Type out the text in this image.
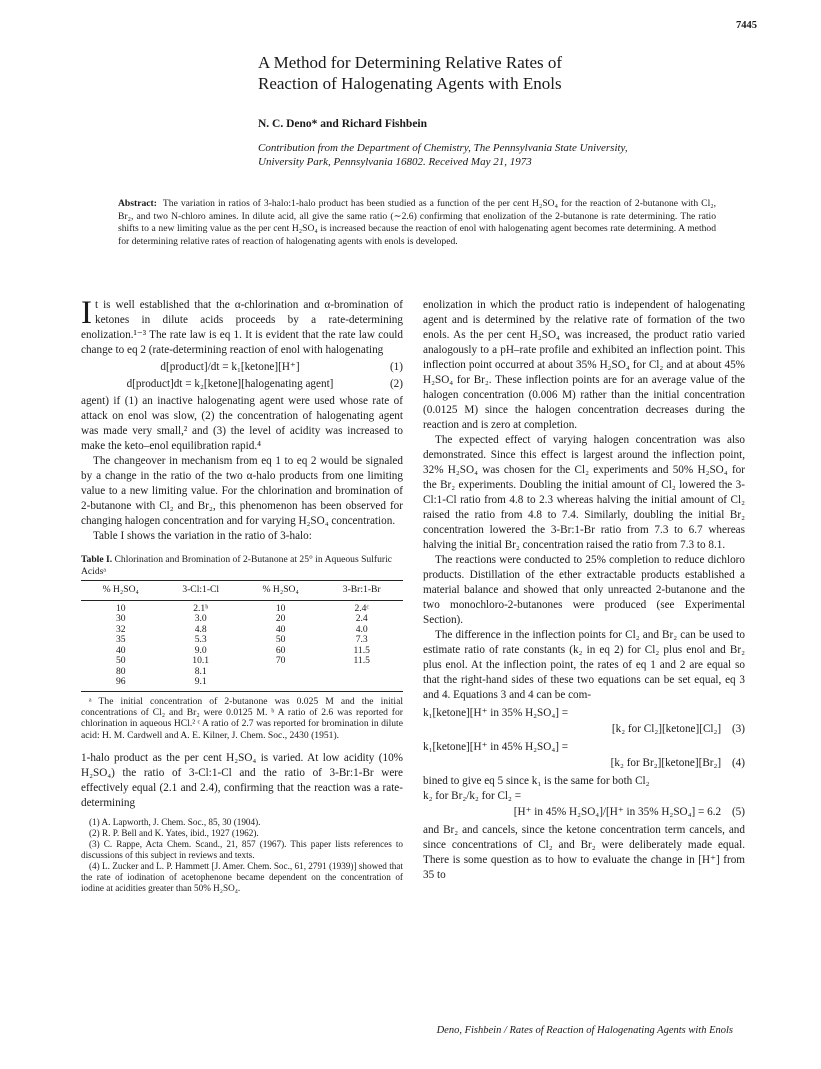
7445
A Method for Determining Relative Rates of
Reaction of Halogenating Agents with Enols
N. C. Deno* and Richard Fishbein
Contribution from the Department of Chemistry, The Pennsylvania State University,
University Park, Pennsylvania 16802. Received May 21, 1973
Abstract: The variation in ratios of 3-halo:1-halo product has been studied as a function of the per cent H₂SO₄ for the reaction of 2-butanone with Cl₂, Br₂, and two N-chloro amines. In dilute acid, all give the same ratio (∼2.6) confirming that enolization of the 2-butanone is rate determining. The ratio shifts to a new limiting value as the per cent H₂SO₄ is increased because the reaction of enol with halogenating agent becomes rate determining. A method for determining relative rates of reaction of halogenating agents with enols is developed.

It is well established that the α-chlorination and α-bromination of ketones in dilute acids proceeds by a rate-determining enolization.¹⁻³ The rate law is eq 1. It is evident that the rate law could change to eq 2 (rate-determining reaction of enol with halogenating

d[product]/dt = k₁[ketone][H⁺]	(1)
d[product]dt = k₂[ketone][halogenating agent]	(2)

agent) if (1) an inactive halogenating agent were used whose rate of attack on enol was slow, (2) the concentration of halogenating agent was made very small,² and (3) the level of acidity was increased to make the keto–enol equilibration rapid.⁴

The changeover in mechanism from eq 1 to eq 2 would be signaled by a change in the ratio of the two α-halo products from one limiting value to a new limiting value. For the chlorination and bromination of 2-butanone with Cl₂ and Br₂, this phenomenon has been observed for changing halogen concentration and for varying H₂SO₄ concentration.

Table I shows the variation in the ratio of 3-halo:

Table I. Chlorination and Bromination of 2-Butanone at 25° in Aqueous Sulfuric Acidsᵃ
% H₂SO₄	3-Cl:1-Cl	% H₂SO₄	3-Br:1-Br
10	2.1ᵇ	10	2.4ᶜ
30	3.0	20	2.4
32	4.8	40	4.0
35	5.3	50	7.3
40	9.0	60	11.5
50	10.1	70	11.5
80	8.1		
96	9.1		

ᵃ The initial concentration of 2-butanone was 0.025 M and the initial concentrations of Cl₂ and Br₂ were 0.0125 M. ᵇ A ratio of 2.6 was reported for chlorination in aqueous HCl.² ᶜ A ratio of 2.7 was reported for bromination in dilute acid: H. M. Cardwell and A. E. Kilner, J. Chem. Soc., 2430 (1951).

1-halo product as the per cent H₂SO₄ is varied. At low acidity (10% H₂SO₄) the ratio of 3-Cl:1-Cl and the ratio of 3-Br:1-Br were effectively equal (2.1 and 2.4), confirming that the reaction was a rate-determining

(1) A. Lapworth, J. Chem. Soc., 85, 30 (1904).

(2) R. P. Bell and K. Yates, ibid., 1927 (1962).

(3) C. Rappe, Acta Chem. Scand., 21, 857 (1967). This paper lists references to discussions of this subject in reviews and texts.

(4) L. Zucker and L. P. Hammett [J. Amer. Chem. Soc., 61, 2791 (1939)] showed that the rate of iodination of acetophenone became dependent on the concentration of iodine at acidities greater than 50% H₂SO₄.

enolization in which the product ratio is independent of halogenating agent and is determined by the relative rate of formation of the two enols. As the per cent H₂SO₄ was increased, the product ratio varied analogously to a pH–rate profile and exhibited an inflection point. This inflection point occurred at about 35% H₂SO₄ for Cl₂ and at about 45% H₂SO₄ for Br₂. These inflection points are for an average value of the halogen concentration (0.006 M) rather than the initial concentration (0.0125 M) since the halogen concentration decreases during the reaction and is zero at completion.

The expected effect of varying halogen concentration was also demonstrated. Since this effect is largest around the inflection point, 32% H₂SO₄ was chosen for the Cl₂ experiments and 50% H₂SO₄ for the Br₂ experiments. Doubling the initial amount of Cl₂ lowered the 3-Cl:1-Cl ratio from 4.8 to 2.3 whereas halving the initial amount of Cl₂ raised the ratio from 4.8 to 7.4. Similarly, doubling the initial Br₂ concentration lowered the 3-Br:1-Br ratio from 7.3 to 6.7 whereas halving the initial Br₂ concentration raised the ratio from 7.3 to 8.1.

The reactions were conducted to 25% completion to reduce dichloro products. Distillation of the ether extractable products established a material balance and showed that only unreacted 2-butanone and the two monochloro-2-butanones were produced (see Experimental Section).

The difference in the inflection points for Cl₂ and Br₂ can be used to estimate ratio of rate constants (k₂ in eq 2) for Cl₂ plus enol and Br₂ plus enol. At the inflection point, the rates of eq 1 and 2 are equal so that the right-hand sides of these two equations can be set equal, eq 3 and 4. Equations 3 and 4 can be com-

k₁[ketone][H⁺ in 35% H₂SO₄] =
[k₂ for Cl₂][ketone][Cl₂] (3)
k₁[ketone][H⁺ in 45% H₂SO₄] =
[k₂ for Br₂][ketone][Br₂] (4)

bined to give eq 5 since k₁ is the same for both Cl₂

k₂ for Br₂/k₂ for Cl₂ =
[H⁺ in 45% H₂SO₄]/[H⁺ in 35% H₂SO₄] = 6.2 (5)

and Br₂ and cancels, since the ketone concentration term cancels, and since concentrations of Cl₂ and Br₂ were deliberately made equal. There is some question as to how to evaluate the change in [H⁺] from 35 to

Deno, Fishbein / Rates of Reaction of Halogenating Agents with Enols
